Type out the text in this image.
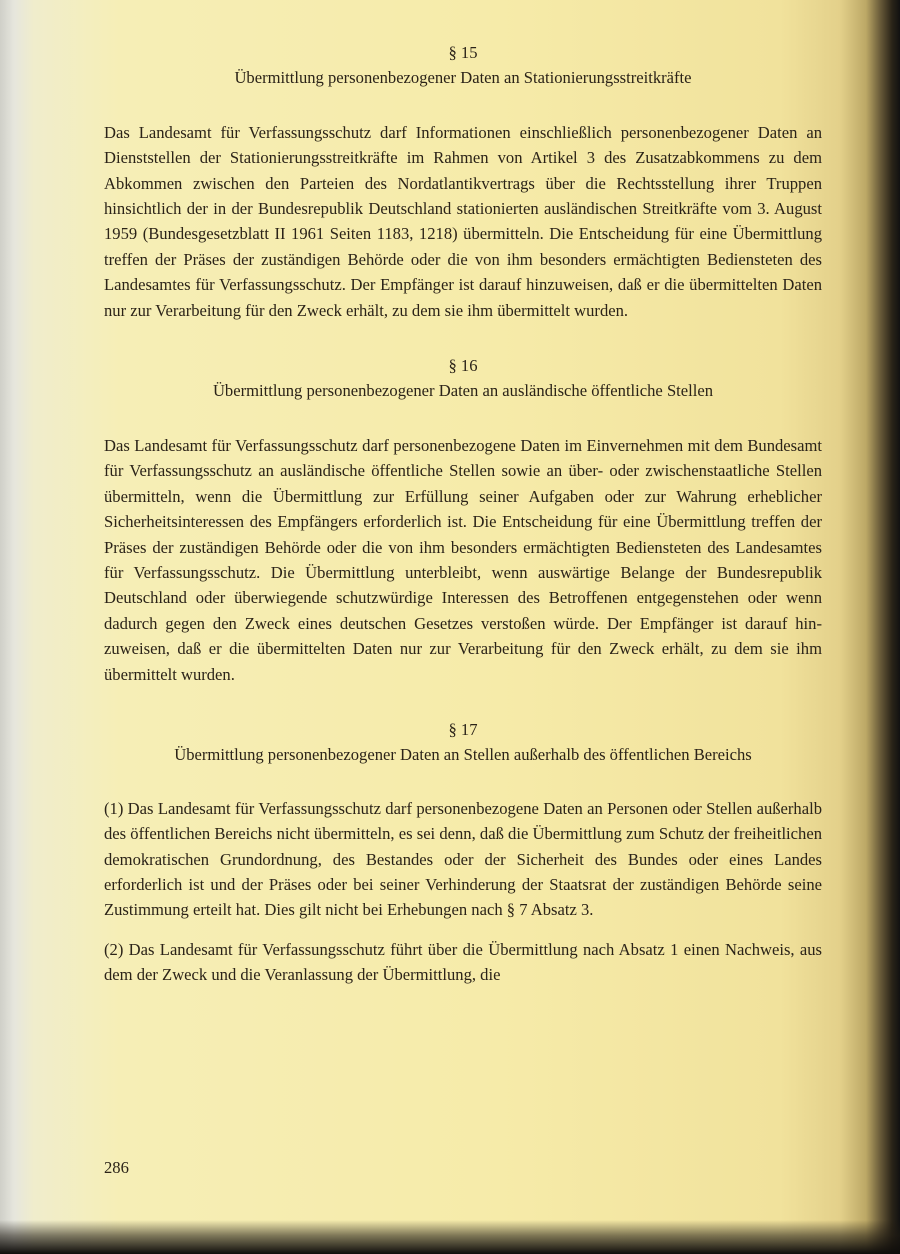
§ 15

Übermittlung personenbezogener Daten an Stationierungsstreitkräfte

Das Landesamt für Verfassungsschutz darf Informationen einschließlich personenbezogener Daten an Dienststellen der Stationierungsstreitkräfte im Rahmen von Artikel 3 des Zusatzabkommens zu dem Abkommen zwischen den Parteien des Nordatlantikvertrags über die Rechtsstellung ihrer Truppen hinsichtlich der in der Bundesrepublik Deutschland stationierten ausländischen Streitkräfte vom 3. August 1959 (Bundesgesetzblatt II 1961 Seiten 1183, 1218) übermitteln. Die Entscheidung für eine Übermittlung treffen der Präses der zuständigen Behörde oder die von ihm besonders ermächtigten Bediensteten des Landesamtes für Verfassungsschutz. Der Empfänger ist darauf hinzuweisen, daß er die übermittelten Daten nur zur Verarbeitung für den Zweck erhält, zu dem sie ihm übermittelt wurden.

§ 16

Übermittlung personenbezogener Daten an ausländische öffentliche Stellen

Das Landesamt für Verfassungsschutz darf personenbezogene Daten im Einvernehmen mit dem Bundesamt für Verfassungsschutz an ausländische öffentliche Stellen sowie an über- oder zwischenstaatliche Stellen übermitteln, wenn die Übermittlung zur Erfüllung seiner Aufgaben oder zur Wahrung erheblicher Sicherheitsinteressen des Empfängers erforderlich ist. Die Entscheidung für eine Übermittlung treffen der Präses der zuständigen Behörde oder die von ihm besonders ermächtigten Bediensteten des Landesamtes für Verfassungsschutz. Die Übermittlung unterbleibt, wenn auswärtige Belange der Bundesrepublik Deutschland oder überwiegende schutzwürdige Interessen des Betroffenen entgegenstehen oder wenn dadurch gegen den Zweck eines deutschen Gesetzes verstoßen würde. Der Empfänger ist darauf hinzuweisen, daß er die übermittelten Daten nur zur Verarbeitung für den Zweck erhält, zu dem sie ihm übermittelt wurden.

§ 17

Übermittlung personenbezogener Daten an Stellen außerhalb des öffentlichen Bereichs

(1) Das Landesamt für Verfassungsschutz darf personenbezogene Daten an Personen oder Stellen außerhalb des öffentlichen Bereichs nicht übermitteln, es sei denn, daß die Übermittlung zum Schutz der freiheitlichen demokratischen Grundordnung, des Bestandes oder der Sicherheit des Bundes oder eines Landes erforderlich ist und der Präses oder bei seiner Verhinderung der Staatsrat der zuständigen Behörde seine Zustimmung erteilt hat. Dies gilt nicht bei Erhebungen nach § 7 Absatz 3.

(2) Das Landesamt für Verfassungsschutz führt über die Übermittlung nach Absatz 1 einen Nachweis, aus dem der Zweck und die Veranlassung der Übermittlung, die

286
